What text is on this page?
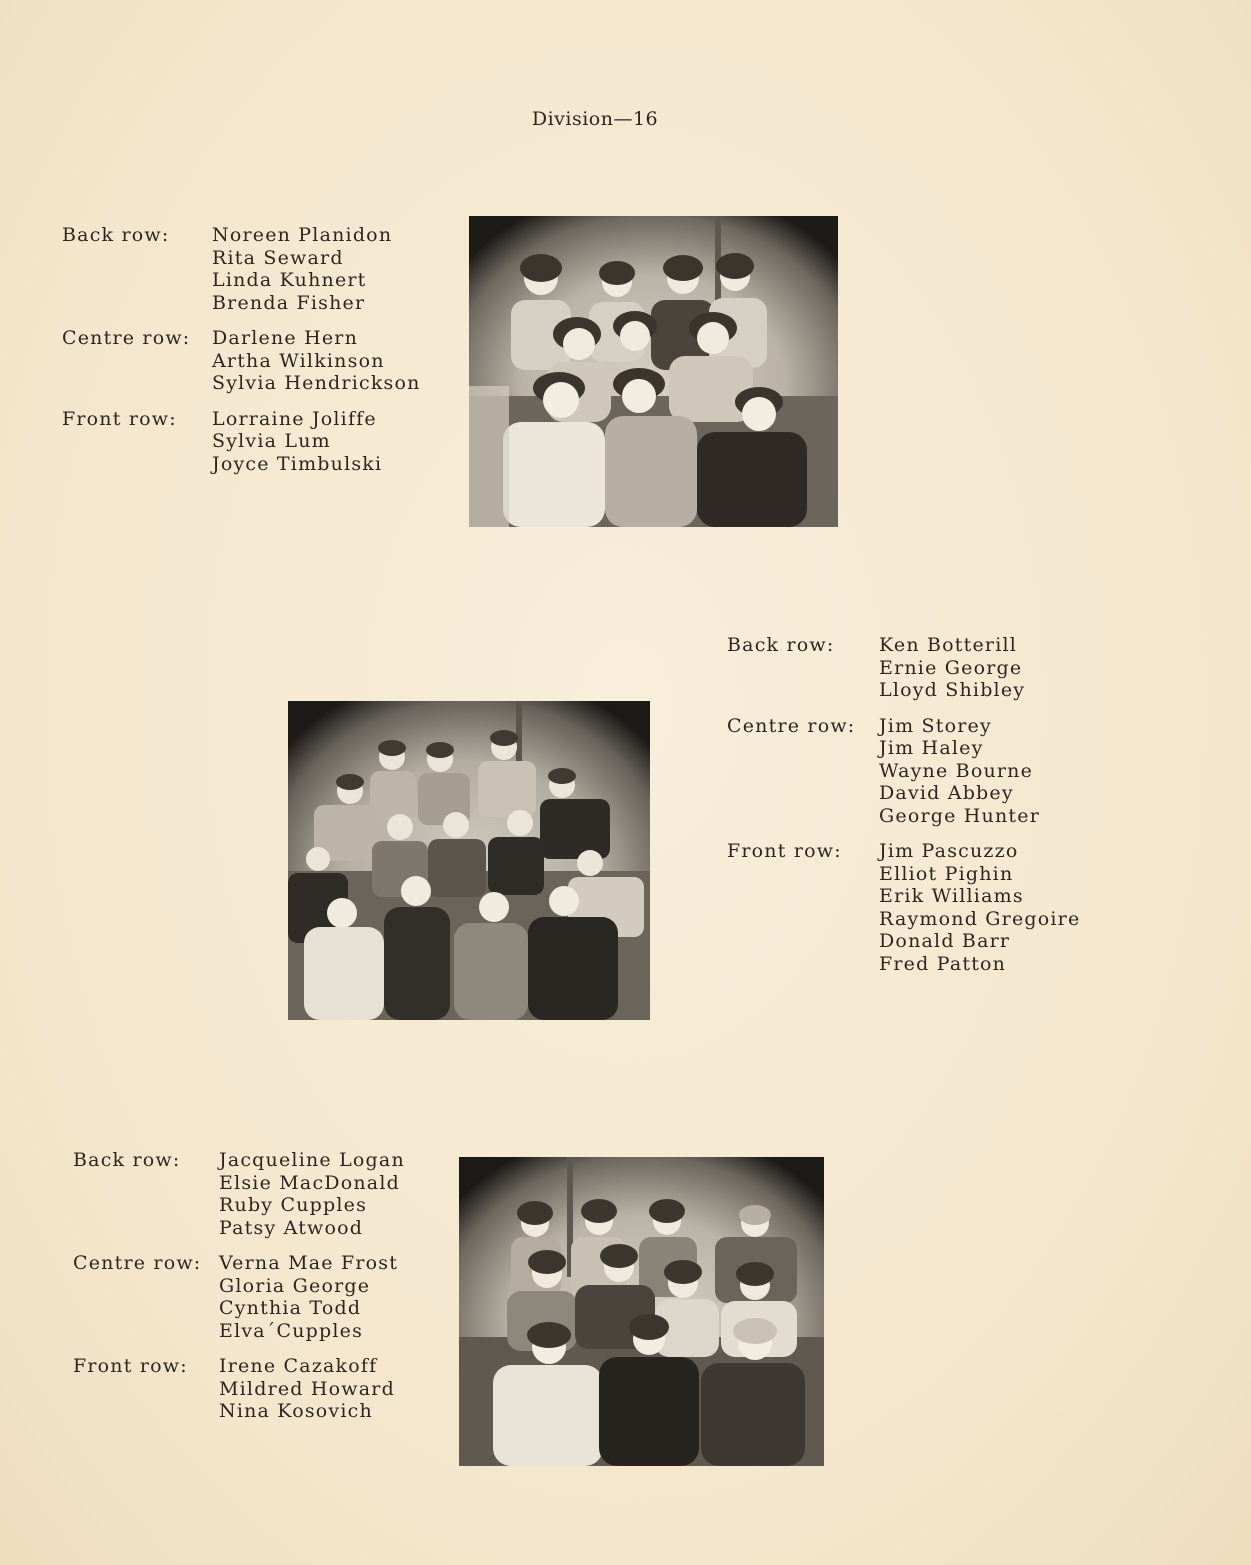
Division—16
Back row:	Noreen Planidon
Rita Seward
Linda Kuhnert
Brenda Fisher
Centre row:	Darlene Hern
Artha Wilkinson
Sylvia Hendrickson
Front row:	Lorraine Joliffe
Sylvia Lum
Joyce Timbulski
Back row:	Ken Botterill
Ernie George
Lloyd Shibley
Centre row:	Jim Storey
Jim Haley
Wayne Bourne
David Abbey
George Hunter
Front row:	Jim Pascuzzo
Elliot Pighin
Erik Williams
Raymond Gregoire
Donald Barr
Fred Patton
Back row:	Jacqueline Logan
Elsie MacDonald
Ruby Cupples
Patsy Atwood
Centre row: Verna Mae Frost
Gloria George
Cynthia Todd
Elva´Cupples
Front row:	Irene Cazakoff
Mildred Howard
Nina Kosovich
